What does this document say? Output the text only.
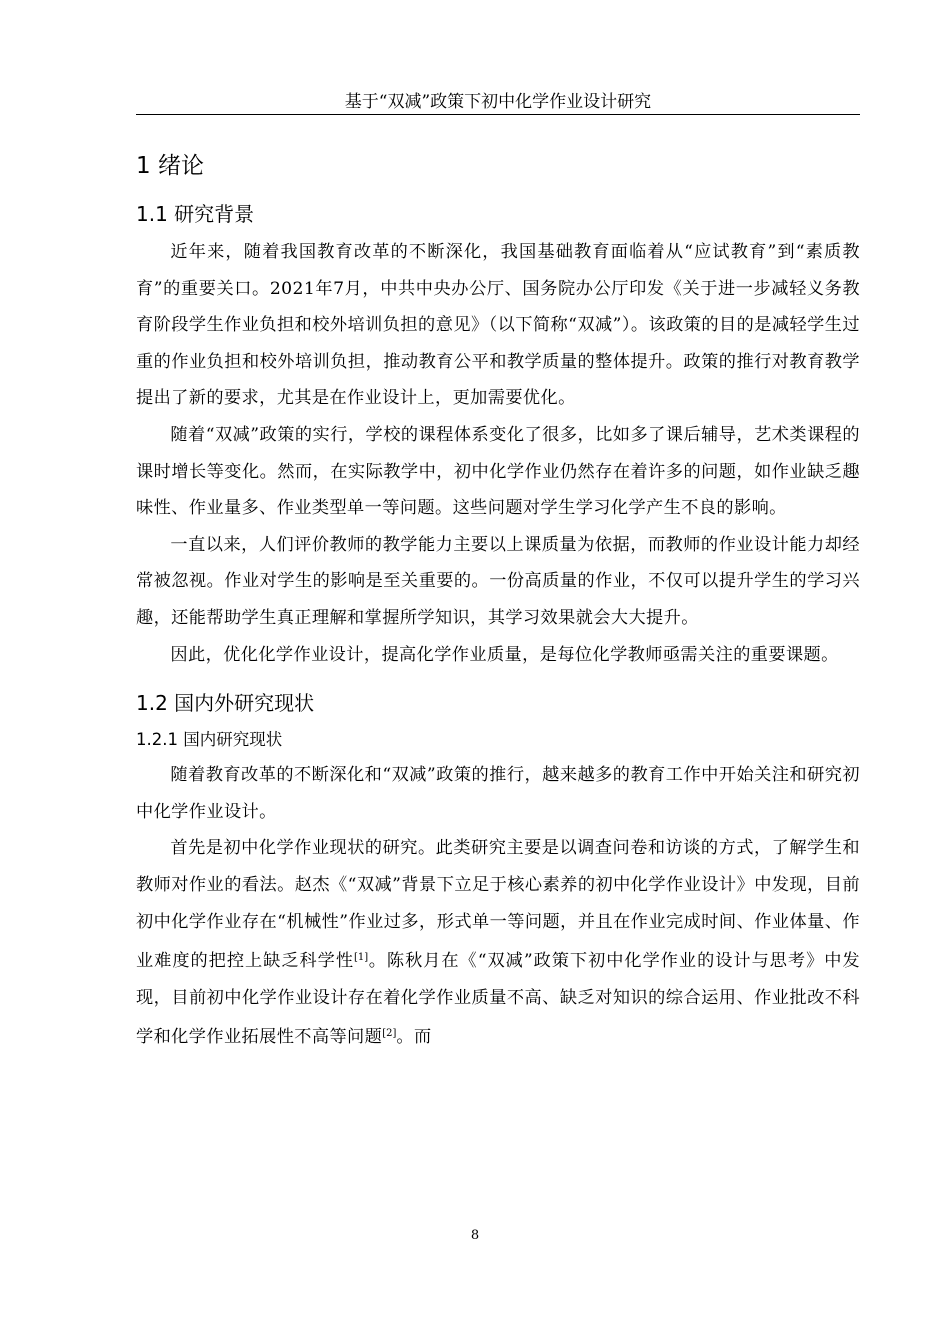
基于“双减”政策下初中化学作业设计研究
1 绪论
1.1 研究背景

近年来，随着我国教育改革的不断深化，我国基础教育面临着从“应试教育”到“素质教育”的重要关口。2021年7月，中共中央办公厅、国务院办公厅印发《关于进一步减轻义务教育阶段学生作业负担和校外培训负担的意见》（以下简称“双减”）。该政策的目的是减轻学生过重的作业负担和校外培训负担，推动教育公平和教学质量的整体提升。政策的推行对教育教学提出了新的要求，尤其是在作业设计上，更加需要优化。

随着“双减”政策的实行，学校的课程体系变化了很多，比如多了课后辅导，艺术类课程的课时增长等变化。然而，在实际教学中，初中化学作业仍然存在着许多的问题，如作业缺乏趣味性、作业量多、作业类型单一等问题。这些问题对学生学习化学产生不良的影响。

一直以来，人们评价教师的教学能力主要以上课质量为依据，而教师的作业设计能力却经常被忽视。作业对学生的影响是至关重要的。一份高质量的作业，不仅可以提升学生的学习兴趣，还能帮助学生真正理解和掌握所学知识，其学习效果就会大大提升。

因此，优化化学作业设计，提高化学作业质量，是每位化学教师亟需关注的重要课题。

1.2 国内外研究现状
1.2.1 国内研究现状

随着教育改革的不断深化和“双减”政策的推行，越来越多的教育工作中开始关注和研究初中化学作业设计。

首先是初中化学作业现状的研究。此类研究主要是以调查问卷和访谈的方式，了解学生和教师对作业的看法。赵杰《“双减”背景下立足于核心素养的初中化学作业设计》中发现，目前初中化学作业存在“机械性”作业过多，形式单一等问题，并且在作业完成时间、作业体量、作业难度的把控上缺乏科学性[1]。陈秋月在《“双减”政策下初中化学作业的设计与思考》中发现，目前初中化学作业设计存在着化学作业质量不高、缺乏对知识的综合运用、作业批改不科学和化学作业拓展性不高等问题[2]。而

8
